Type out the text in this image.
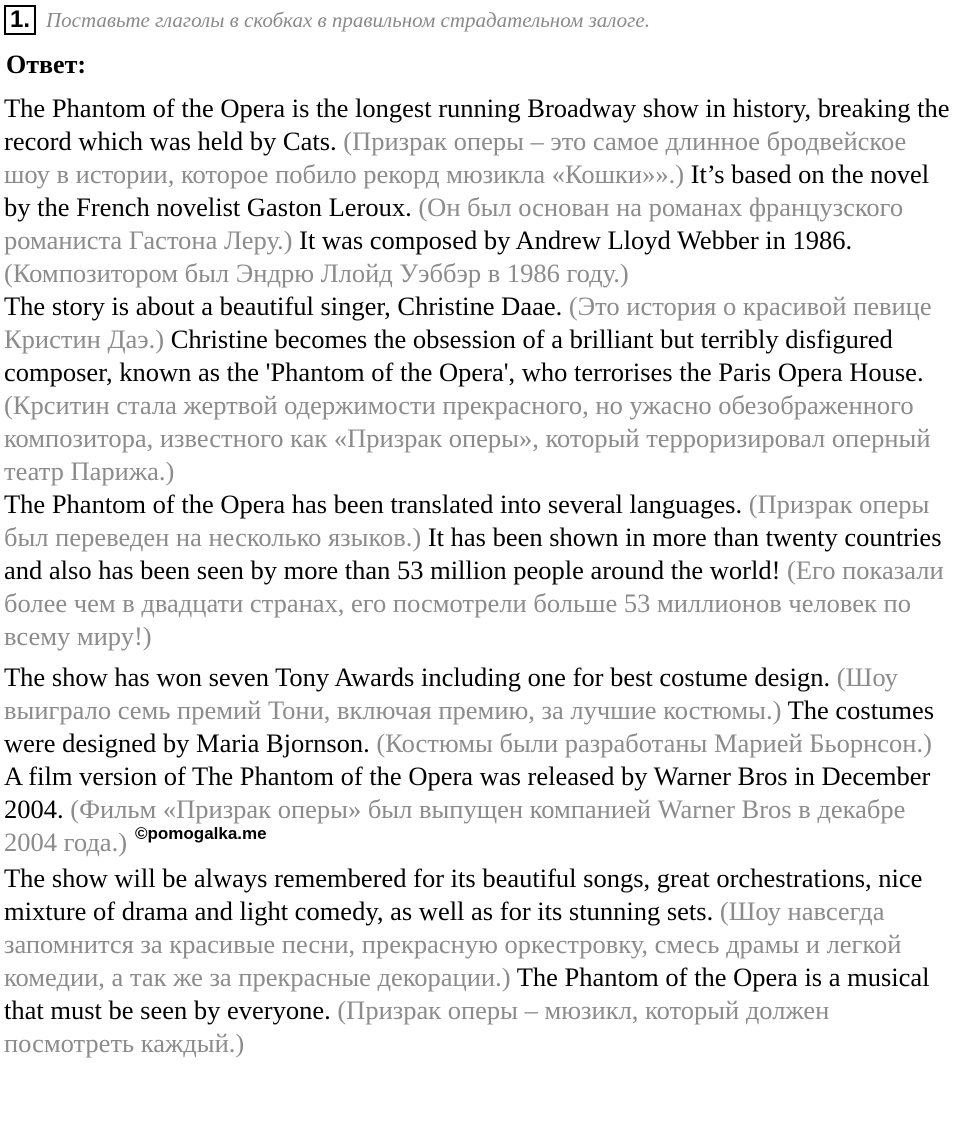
1. Поставьте глаголы в скобках в правильном страдательном залоге.
Ответ:

The Phantom of the Opera is the longest running Broadway show in history, breaking the record which was held by Cats. (Призрак оперы – это самое длинное бродвейское шоу в истории, которое побило рекорд мюзикла «Кошки»».) It’s based on the novel by the French novelist Gaston Leroux. (Он был основан на романах французского романиста Гастона Леру.) It was composed by Andrew Lloyd Webber in 1986. (Композитором был Эндрю Ллойд Уэббэр в 1986 году.)

The story is about a beautiful singer, Christine Daae. (Это история о красивой певице Кристин Даэ.) Christine becomes the obsession of a brilliant but terribly disfigured composer, known as the 'Phantom of the Opera', who terrorises the Paris Opera House. (Крситин стала жертвой одержимости прекрасного, но ужасно обезображенного композитора, известного как «Призрак оперы», который терроризировал оперный театр Парижа.)

The Phantom of the Opera has been translated into several languages. (Призрак оперы был переведен на несколько языков.) It has been shown in more than twenty countries and also has been seen by more than 53 million people around the world! (Его показали более чем в двадцати странах, его посмотрели больше 53 миллионов человек по всему миру!)

The show has won seven Tony Awards including one for best costume design. (Шоу выиграло семь премий Тони, включая премию, за лучшие костюмы.) The costumes were designed by Maria Bjornson. (Костюмы были разработаны Марией Бьорнсон.)

A film version of The Phantom of the Opera was released by Warner Bros in December 2004. (Фильм «Призрак оперы» был выпущен компанией Warner Bros в декабре 2004 года.) $^{©pomogalka.me}$

The show will be always remembered for its beautiful songs, great orchestrations, nice mixture of drama and light comedy, as well as for its stunning sets. (Шоу навсегда запомнится за красивые песни, прекрасную оркестровку, смесь драмы и легкой комедии, а так же за прекрасные декорации.) The Phantom of the Opera is a musical that must be seen by everyone. (Призрак оперы – мюзикл, который должен посмотреть каждый.)
